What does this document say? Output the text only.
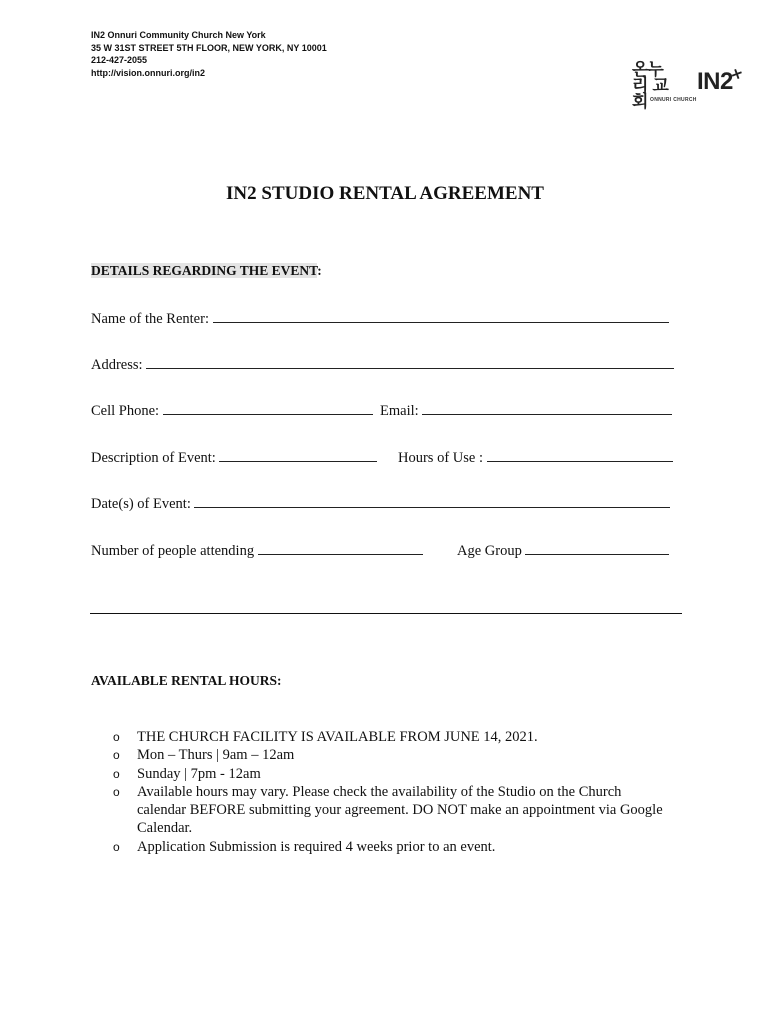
IN2 Onnuri Community Church New York
35 W 31ST STREET 5TH FLOOR, NEW YORK, NY 10001
212-427-2055
http://vision.onnuri.org/in2	온누리 교회
IN2
+
ONNURI CHURCH
IN2 STUDIO RENTAL AGREEMENT
DETAILS REGARDING THE EVENT:
Name of the Renter:
Address:
Cell Phone:	Email:
Description of Event:	Hours of Use :
Date(s) of Event:
Number of people attending	Age Group
AVAILABLE RENTAL HOURS:
o THE CHURCH FACILITY IS AVAILABLE FROM JUNE 14, 2021.
o Mon – Thurs | 9am – 12am
o Sunday | 7pm - 12am
o Available hours may vary. Please check the availability of the Studio on the Church calendar BEFORE submitting your agreement. DO NOT make an appointment via Google Calendar.
o Application Submission is required 4 weeks prior to an event.
